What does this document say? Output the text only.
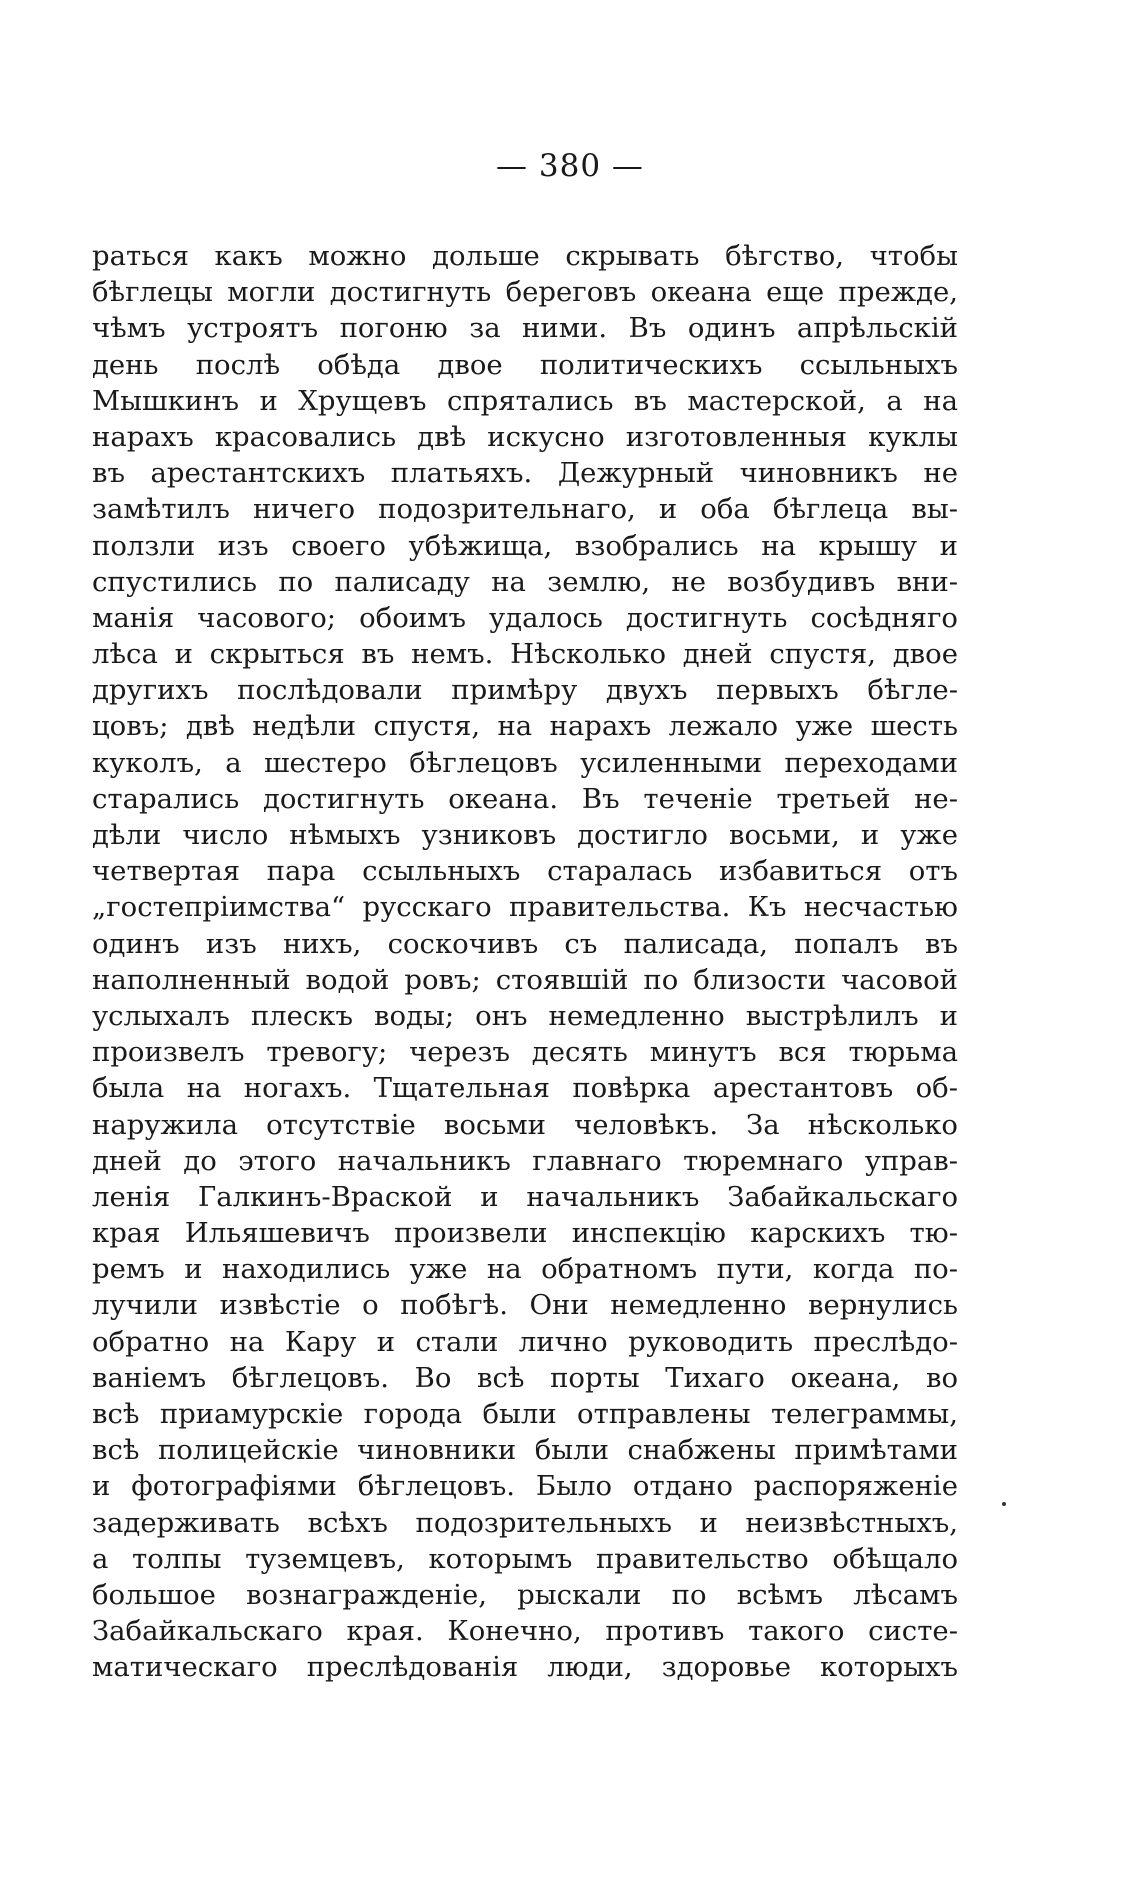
— 380 —
раться какъ можно дольше скрывать бѣгство, чтобы
бѣглецы могли достигнуть береговъ океана еще прежде,
чѣмъ устроятъ погоню за ними. Въ одинъ апрѣльскій
день послѣ обѣда двое политическихъ ссыльныхъ
Мышкинъ и Хрущевъ спрятались въ мастерской, а на
нарахъ красовались двѣ искусно изготовленныя куклы
въ арестантскихъ платьяхъ. Дежурный чиновникъ не
замѣтилъ ничего подозрительнаго, и оба бѣглеца вы-
ползли изъ своего убѣжища, взобрались на крышу и
спустились по палисаду на землю, не возбудивъ вни-
манія часового; обоимъ удалось достигнуть сосѣдняго
лѣса и скрыться въ немъ. Нѣсколько дней спустя, двое
другихъ послѣдовали примѣру двухъ первыхъ бѣгле-
цовъ; двѣ недѣли спустя, на нарахъ лежало уже шесть
куколъ, а шестеро бѣглецовъ усиленными переходами
старались достигнуть океана. Въ теченіе третьей не-
дѣли число нѣмыхъ узниковъ достигло восьми, и уже
четвертая пара ссыльныхъ старалась избавиться отъ
„гостепріимства“ русскаго правительства. Къ несчастью
одинъ изъ нихъ, соскочивъ съ палисада, попалъ въ
наполненный водой ровъ; стоявшій по близости часовой
услыхалъ плескъ воды; онъ немедленно выстрѣлилъ и
произвелъ тревогу; черезъ десять минутъ вся тюрьма
была на ногахъ. Тщательная повѣрка арестантовъ об-
наружила отсутствіе восьми человѣкъ. За нѣсколько
дней до этого начальникъ главнаго тюремнаго управ-
ленія Галкинъ-Враской и начальникъ Забайкальскаго
края Ильяшевичъ произвели инспекцію карскихъ тю-
ремъ и находились уже на обратномъ пути, когда по-
лучили извѣстіе о побѣгѣ. Они немедленно вернулись
обратно на Кару и стали лично руководить преслѣдо-
ваніемъ бѣглецовъ. Во всѣ порты Тихаго океана, во
всѣ приамурскіе города были отправлены телеграммы,
всѣ полицейскіе чиновники были снабжены примѣтами
и фотографіями бѣглецовъ. Было отдано распоряженіе
задерживать всѣхъ подозрительныхъ и неизвѣстныхъ,
а толпы туземцевъ, которымъ правительство обѣщало
большое вознагражденіе, рыскали по всѣмъ лѣсамъ
Забайкальскаго края. Конечно, противъ такого систе-
матическаго преслѣдованія люди, здоровье которыхъ
